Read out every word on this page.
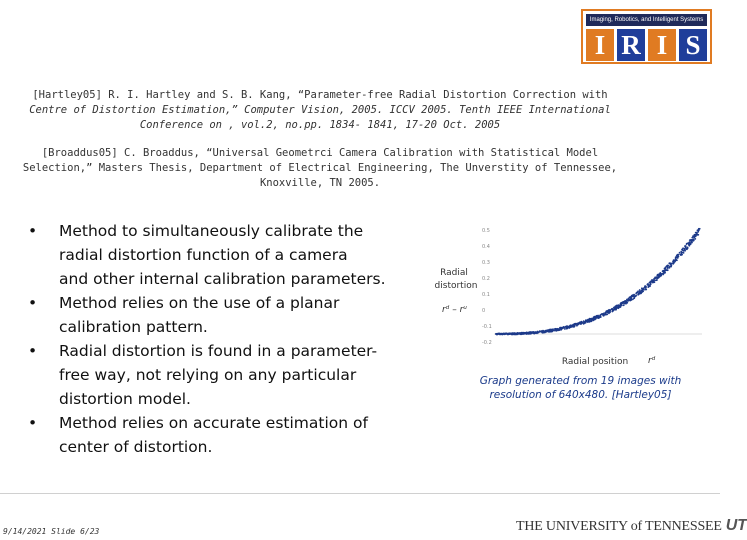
Imaging, Robotics, and Intelligent Systems
I R I S
[Hartley05] R. I. Hartley and S. B. Kang, “Parameter-free Radial Distortion Correction with
Centre of Distortion Estimation,” Computer Vision, 2005. ICCV 2005. Tenth IEEE International
Conference on , vol.2, no.pp. 1834- 1841, 17-20 Oct. 2005
[Broaddus05] C. Broaddus, “Universal Geometrci Camera Calibration with Statistical Model
Selection,” Masters Thesis, Department of Electrical Engineering, The Unverstity of Tennessee,
Knoxville, TN 2005.
• Method to simultaneously calibrate the
radial distortion function of a camera
and other internal calibration parameters.
• Method relies on the use of a planar
calibration pattern.
• Radial distortion is found in a parameter-
free way, not relying on any particular
distortion model.
• Method relies on accurate estimation of
center of distortion.
Radial
distortion
rᵈ – rᵘ
0.5
0.4
0.3
0.2
0.1
0
-0.1
-0.2
Radial position rᵈ
Graph generated from 19 images with
resolution of 640x480. [Hartley05]
9/14/2021 Slide 6/23	THE UNIVERSITY of TENNESSEE UT
